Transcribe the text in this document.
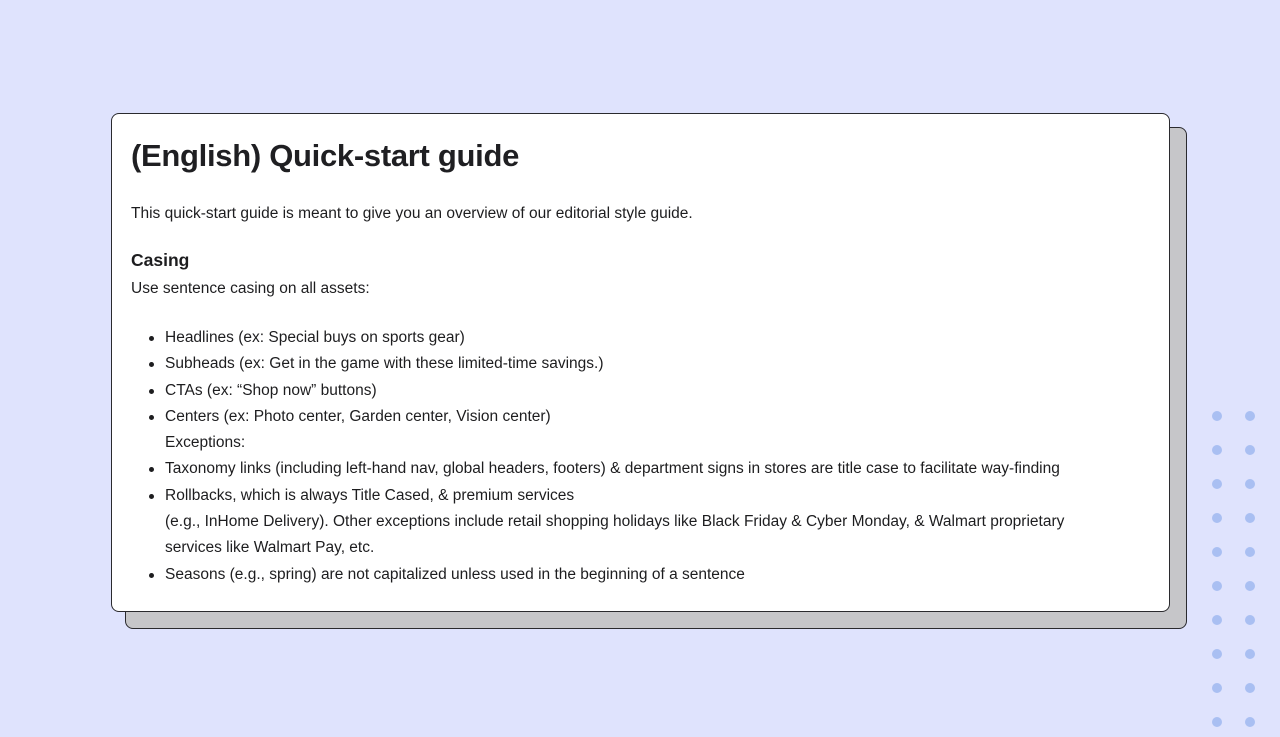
(English) Quick-start guide

This quick-start guide is meant to give you an overview of our editorial style guide.

Casing

Use sentence casing on all assets:

Headlines (ex: Special buys on sports gear)
Subheads (ex: Get in the game with these limited-time savings.)
CTAs (ex: “Shop now” buttons)
Centers (ex: Photo center, Garden center, Vision center)
Exceptions:
Taxonomy links (including left-hand nav, global headers, footers) & department signs in stores are title case to facilitate way-finding
Rollbacks, which is always Title Cased, & premium services
(e.g., InHome Delivery). Other exceptions include retail shopping holidays like Black Friday & Cyber Monday, & Walmart proprietary
services like Walmart Pay, etc.
Seasons (e.g., spring) are not capitalized unless used in the beginning of a sentence
